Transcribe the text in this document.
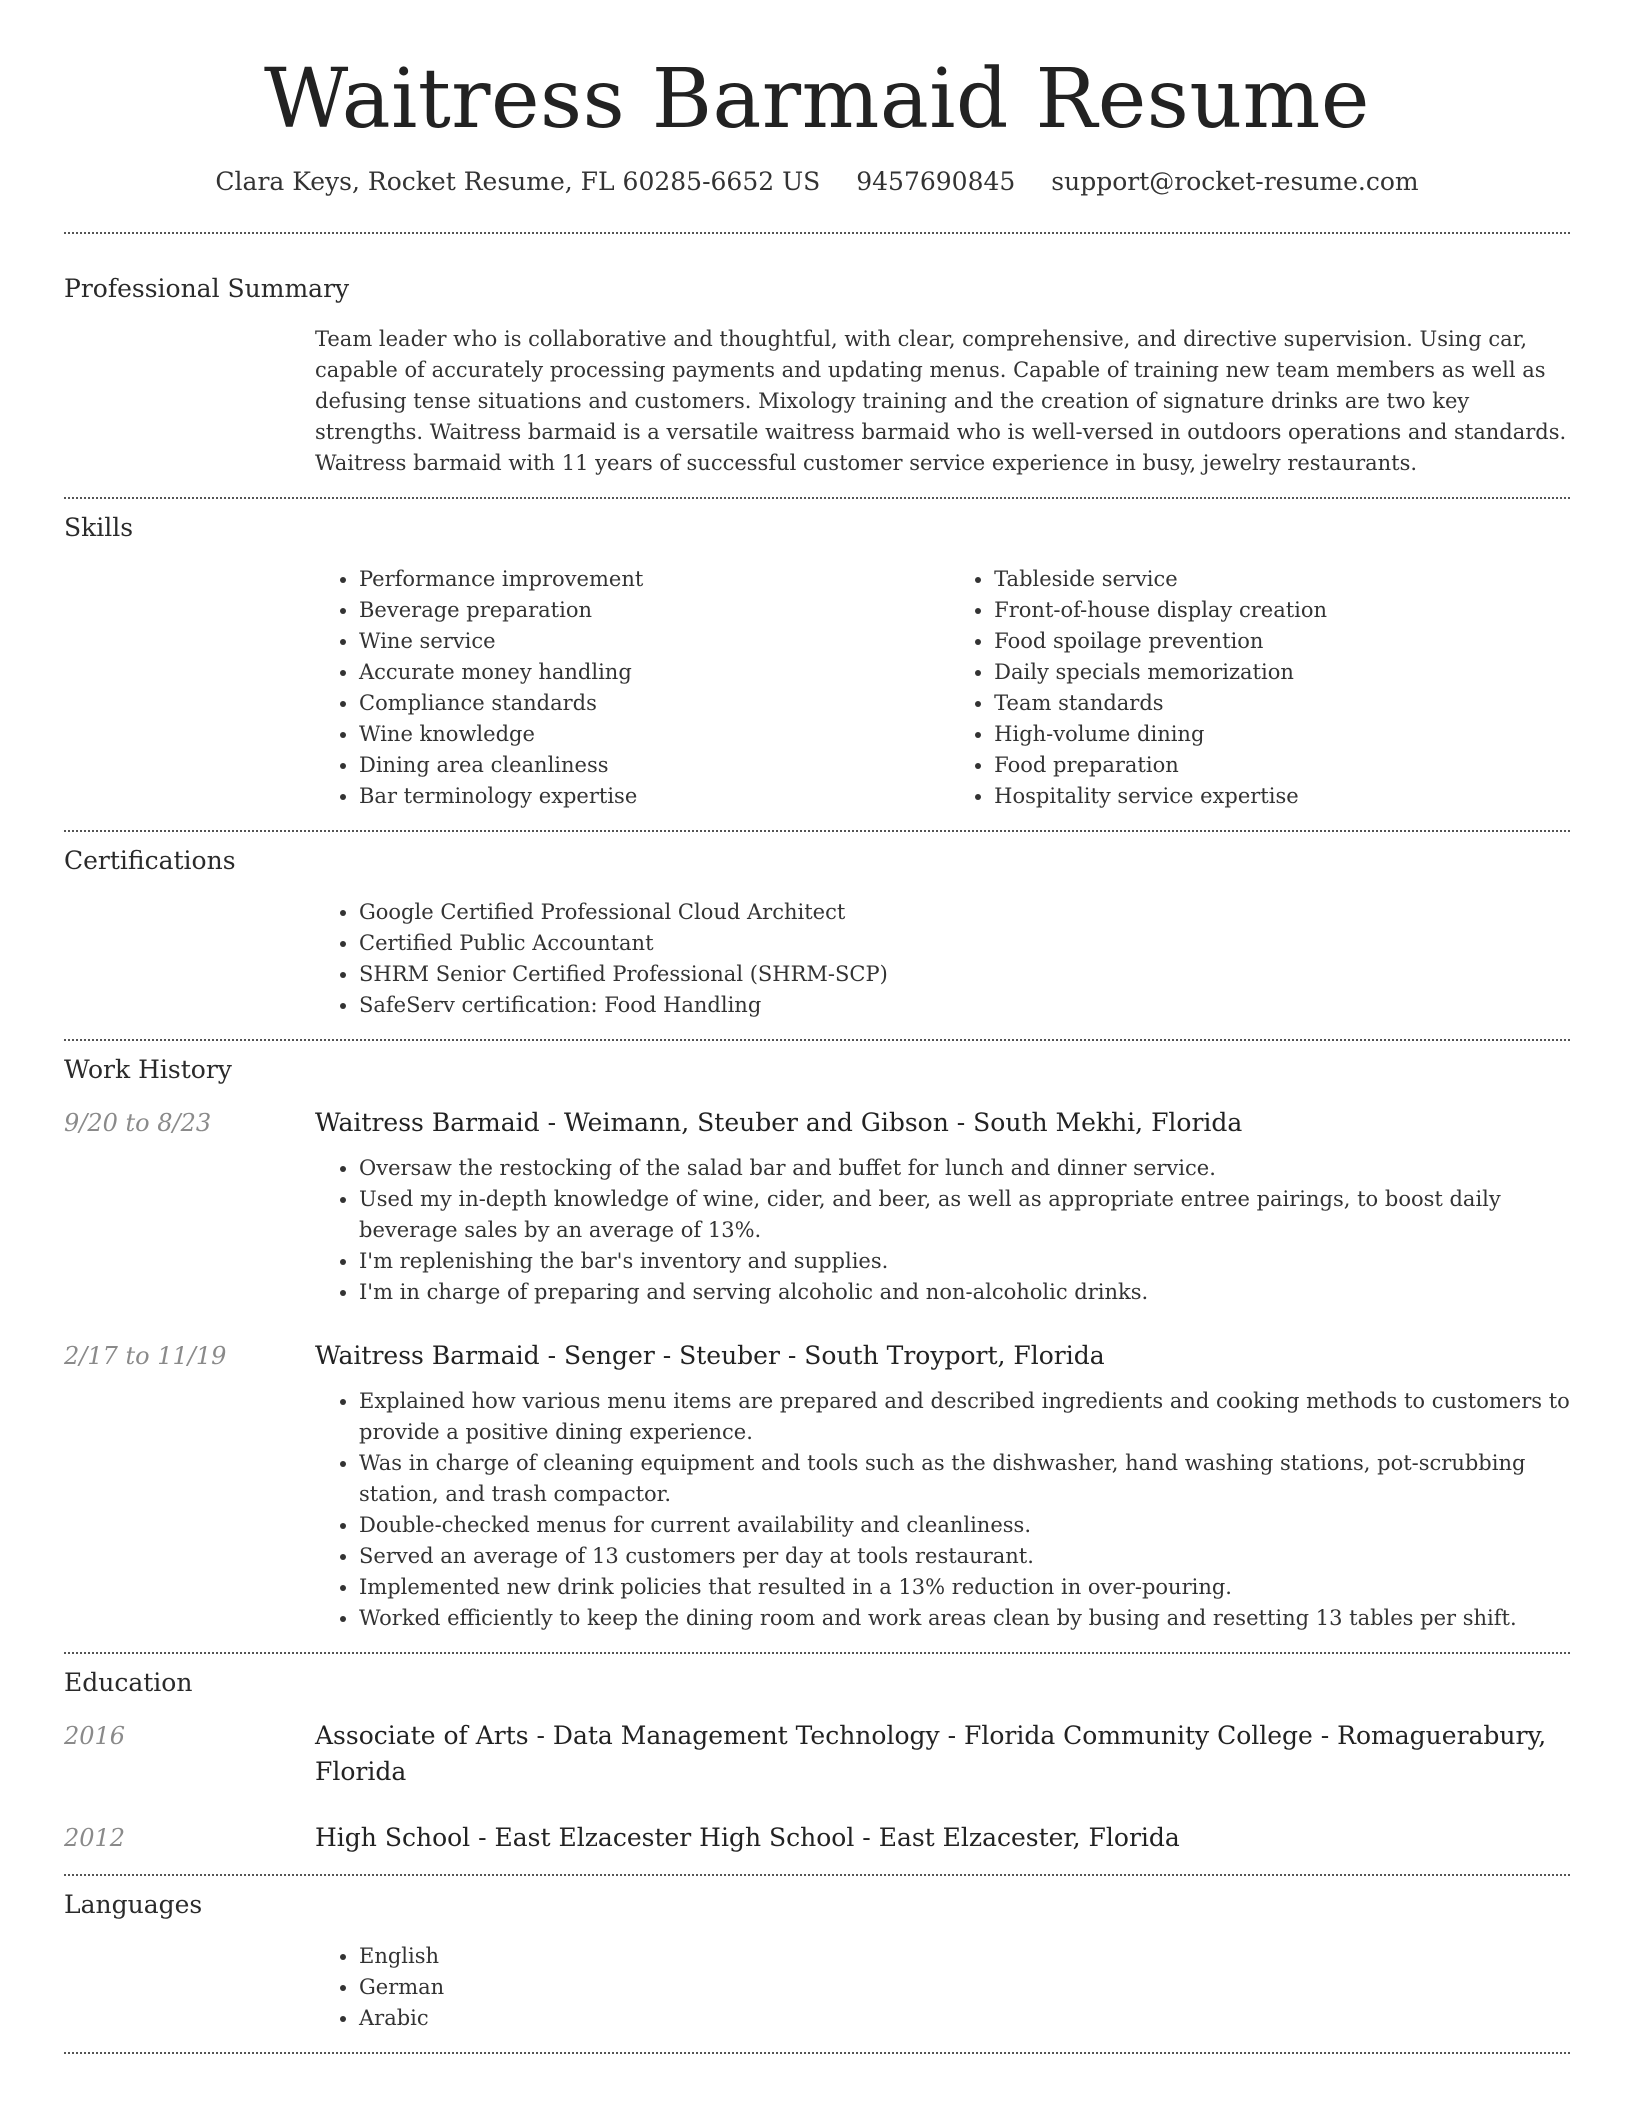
Waitress Barmaid Resume
Clara Keys, Rocket Resume, FL 60285-6652 US 9457690845 support@rocket-resume.com
Professional Summary

Team leader who is collaborative and thoughtful, with clear, comprehensive, and directive supervision. Using car, capable of accurately processing payments and updating menus. Capable of training new team members as well as defusing tense situations and customers. Mixology training and the creation of signature drinks are two key strengths. Waitress barmaid is a versatile waitress barmaid who is well-versed in outdoors operations and standards. Waitress barmaid with 11 years of successful customer service experience in busy, jewelry restaurants.

Skills
• Performance improvement
• Beverage preparation
• Wine service
• Accurate money handling
• Compliance standards
• Wine knowledge
• Dining area cleanliness
• Bar terminology expertise
• Tableside service
• Front-of-house display creation
• Food spoilage prevention
• Daily specials memorization
• Team standards
• High-volume dining
• Food preparation
• Hospitality service expertise
Certifications
• Google Certified Professional Cloud Architect
• Certified Public Accountant
• SHRM Senior Certified Professional (SHRM-SCP)
• SafeServ certification: Food Handling
Work History
9/20 to 8/23	Waitress Barmaid - Weimann, Steuber and Gibson - South Mekhi, Florida
• Oversaw the restocking of the salad bar and buffet for lunch and dinner service.
• Used my in-depth knowledge of wine, cider, and beer, as well as appropriate entree pairings, to boost daily beverage sales by an average of 13%.
• I'm replenishing the bar's inventory and supplies.
• I'm in charge of preparing and serving alcoholic and non-alcoholic drinks.
2/17 to 11/19	Waitress Barmaid - Senger - Steuber - South Troyport, Florida
• Explained how various menu items are prepared and described ingredients and cooking methods to customers to provide a positive dining experience.
• Was in charge of cleaning equipment and tools such as the dishwasher, hand washing stations, pot-scrubbing station, and trash compactor.
• Double-checked menus for current availability and cleanliness.
• Served an average of 13 customers per day at tools restaurant.
• Implemented new drink policies that resulted in a 13% reduction in over-pouring.
• Worked efficiently to keep the dining room and work areas clean by busing and resetting 13 tables per shift.
Education
2016	Associate of Arts - Data Management Technology - Florida Community College - Romaguerabury, Florida
2012	High School - East Elzacester High School - East Elzacester, Florida
Languages
• English
• German
• Arabic
